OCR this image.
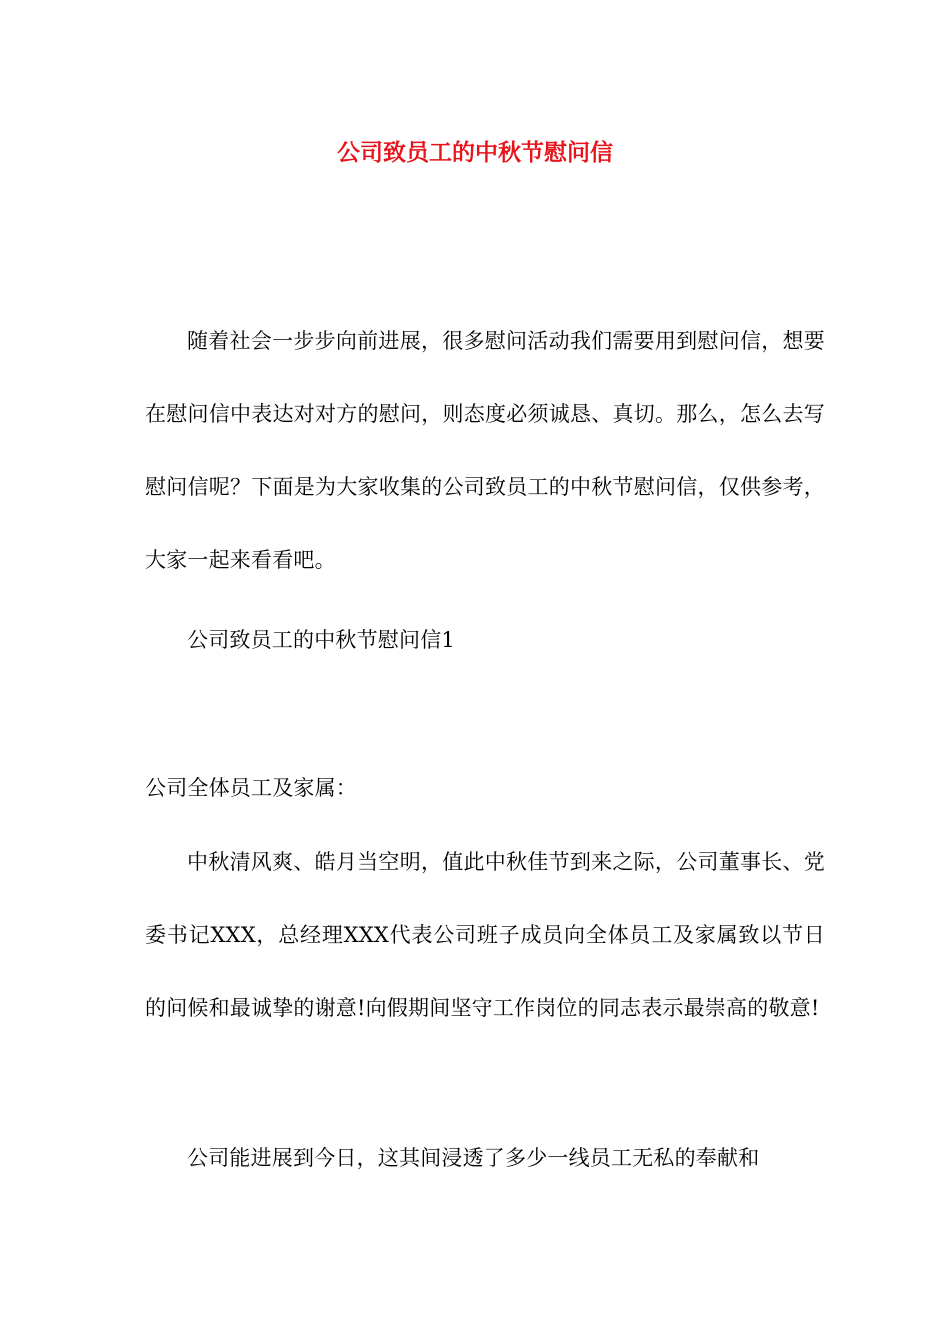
公司致员工的中秋节慰问信

随着社会一步步向前进展，很多慰问活动我们需要用到慰问信，想要在慰问信中表达对对方的慰问，则态度必须诚恳、真切。那么，怎么去写慰问信呢？下面是为大家收集的公司致员工的中秋节慰问信，仅供参考，大家一起来看看吧。

公司致员工的中秋节慰问信1

公司全体员工及家属：

中秋清风爽、皓月当空明，值此中秋佳节到来之际，公司董事长、党委书记XXX，总经理XXX代表公司班子成员向全体员工及家属致以节日的问候和最诚挚的谢意!向假期间坚守工作岗位的同志表示最崇高的敬意!

公司能进展到今日，这其间浸透了多少一线员工无私的奉献和
